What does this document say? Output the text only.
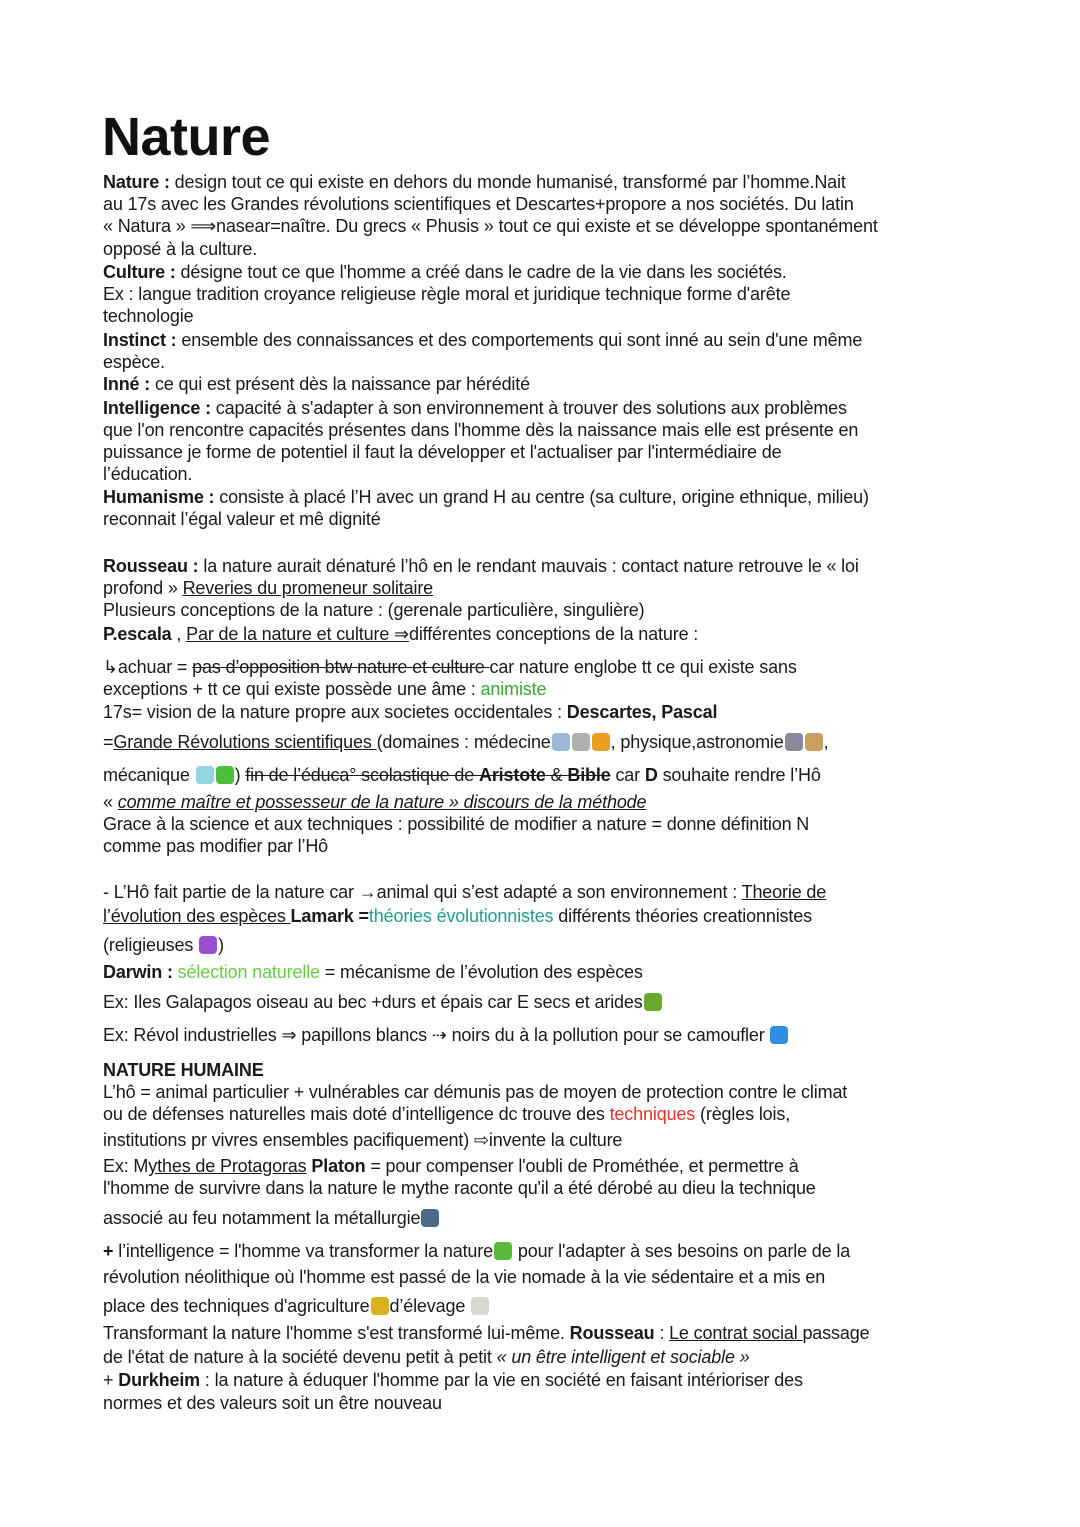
Nature
Nature : design tout ce qui existe en dehors du monde humanisé, transformé par l’homme.Nait
au 17s avec les Grandes révolutions scientifiques et Descartes+propore a nos sociétés. Du latin
« Natura » ⟹nasear=naître. Du grecs « Phusis » tout ce qui existe et se développe spontanément
opposé à la culture.
Culture : désigne tout ce que l'homme a créé dans le cadre de la vie dans les sociétés.
Ex : langue tradition croyance religieuse règle moral et juridique technique forme d'arête
technologie
Instinct : ensemble des connaissances et des comportements qui sont inné au sein d'une même
espèce.
Inné : ce qui est présent dès la naissance par hérédité
Intelligence : capacité à s'adapter à son environnement à trouver des solutions aux problèmes
que l'on rencontre capacités présentes dans l'homme dès la naissance mais elle est présente en
puissance je forme de potentiel il faut la développer et l'actualiser par l'intermédiaire de
l’éducation.
Humanisme : consiste à placé l’H avec un grand H au centre (sa culture, origine ethnique, milieu)
reconnait l’égal valeur et mê dignité
Rousseau : la nature aurait dénaturé l’hô en le rendant mauvais : contact nature retrouve le « loi
profond » Reveries du promeneur solitaire
Plusieurs conceptions de la nature : (gerenale particulière, singulière)
P.escala , Par de la nature et culture ⇒différentes conceptions de la nature :
↳achuar = pas d’opposition btw nature et culture car nature englobe tt ce qui existe sans
exceptions + tt ce qui existe possède une âme : animiste
17s= vision de la nature propre aux societes occidentales : Descartes, Pascal
=Grande Révolutions scientifiques (domaines : médecine	, physique,astronomie ,
mécanique ) fin de l’éduca° scolastique de Aristote & Bible car D souhaite rendre l’Hô
« comme maître et possesseur de la nature » discours de la méthode
Grace à la science et aux techniques : possibilité de modifier a nature = donne définition N
comme pas modifier par l’Hô
- L’Hô fait partie de la nature car →animal qui s’est adapté a son environnement : Theorie de
l’évolution des espèces Lamark =théories évolutionnistes différents théories creationnistes
(religieuses )
Darwin : sélection naturelle = mécanisme de l’évolution des espèces
Ex: Iles Galapagos oiseau au bec +durs et épais car E secs et arides
Ex: Révol industrielles ⇒ papillons blancs ⇢ noirs du à la pollution pour se camoufler
NATURE HUMAINE
L’hô = animal particulier + vulnérables car démunis pas de moyen de protection contre le climat
ou de défenses naturelles mais doté d’intelligence dc trouve des techniques (règles lois,
institutions pr vivres ensembles pacifiquement) ⇨invente la culture
Ex: Mythes de Protagoras Platon = pour compenser l'oubli de Prométhée, et permettre à
l'homme de survivre dans la nature le mythe raconte qu'il a été dérobé au dieu la technique
associé au feu notamment la métallurgie
+ l’intelligence = l'homme va transformer la nature pour l'adapter à ses besoins on parle de la
révolution néolithique où l'homme est passé de la vie nomade à la vie sédentaire et a mis en
place des techniques d'agriculture d’élevage
Transformant la nature l'homme s'est transformé lui-même. Rousseau : Le contrat social passage
de l'état de nature à la société devenu petit à petit « un être intelligent et sociable »
+ Durkheim : la nature à éduquer l'homme par la vie en société en faisant intérioriser des
normes et des valeurs soit un être nouveau
